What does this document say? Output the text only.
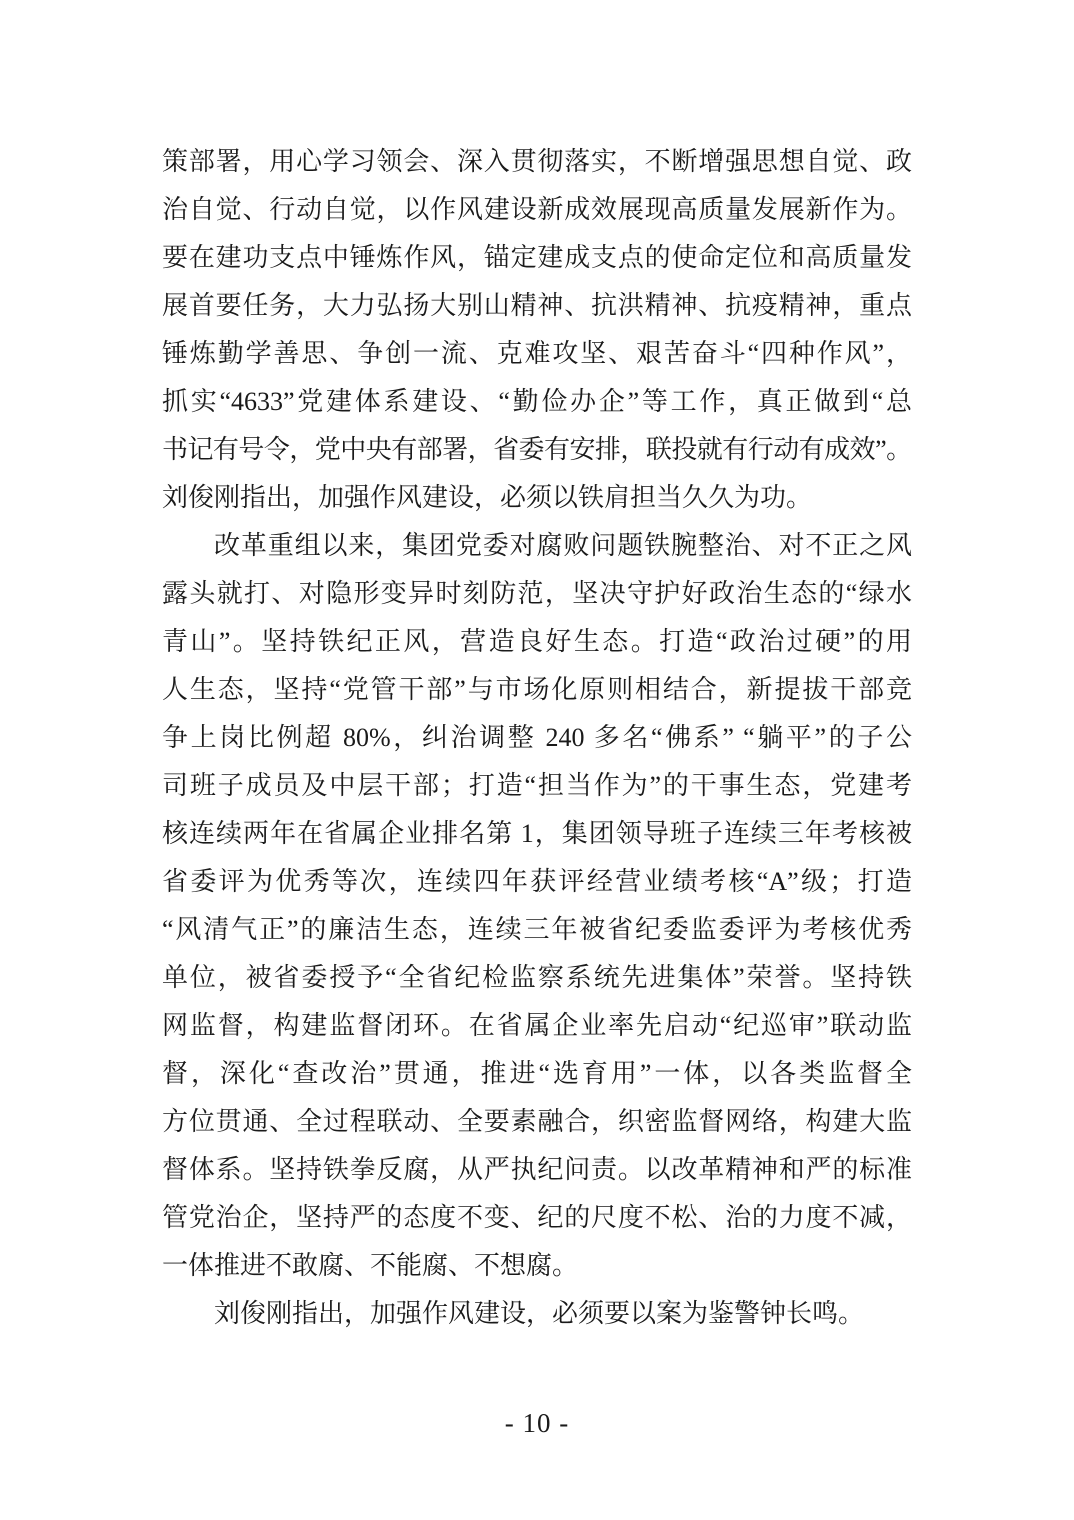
策部署，用心学习领会、深入贯彻落实，不断增强思想自觉、政
治自觉、行动自觉，以作风建设新成效展现高质量发展新作为。
要在建功支点中锤炼作风，锚定建成支点的使命定位和高质量发
展首要任务，大力弘扬大别山精神、抗洪精神、抗疫精神，重点
锤炼勤学善思、争创一流、克难攻坚、艰苦奋斗“四种作风”，
抓实“4633”党建体系建设、“勤俭办企”等工作，真正做到“总
书记有号令，党中央有部署，省委有安排，联投就有行动有成效”。
刘俊刚指出，加强作风建设，必须以铁肩担当久久为功。
改革重组以来，集团党委对腐败问题铁腕整治、对不正之风
露头就打、对隐形变异时刻防范，坚决守护好政治生态的“绿水
青山”。坚持铁纪正风，营造良好生态。打造“政治过硬”的用
人生态，坚持“党管干部”与市场化原则相结合，新提拔干部竞
争上岗比例超 80%，纠治调整 240 多名“佛系” “躺平”的子公
司班子成员及中层干部；打造“担当作为”的干事生态，党建考
核连续两年在省属企业排名第 1，集团领导班子连续三年考核被
省委评为优秀等次，连续四年获评经营业绩考核“A”级；打造
“风清气正”的廉洁生态，连续三年被省纪委监委评为考核优秀
单位，被省委授予“全省纪检监察系统先进集体”荣誉。坚持铁
网监督，构建监督闭环。在省属企业率先启动“纪巡审”联动监
督，深化“查改治”贯通，推进“选育用”一体，以各类监督全
方位贯通、全过程联动、全要素融合，织密监督网络，构建大监
督体系。坚持铁拳反腐，从严执纪问责。以改革精神和严的标准
管党治企，坚持严的态度不变、纪的尺度不松、治的力度不减，
一体推进不敢腐、不能腐、不想腐。
刘俊刚指出，加强作风建设，必须要以案为鉴警钟长鸣。
- 10 -
